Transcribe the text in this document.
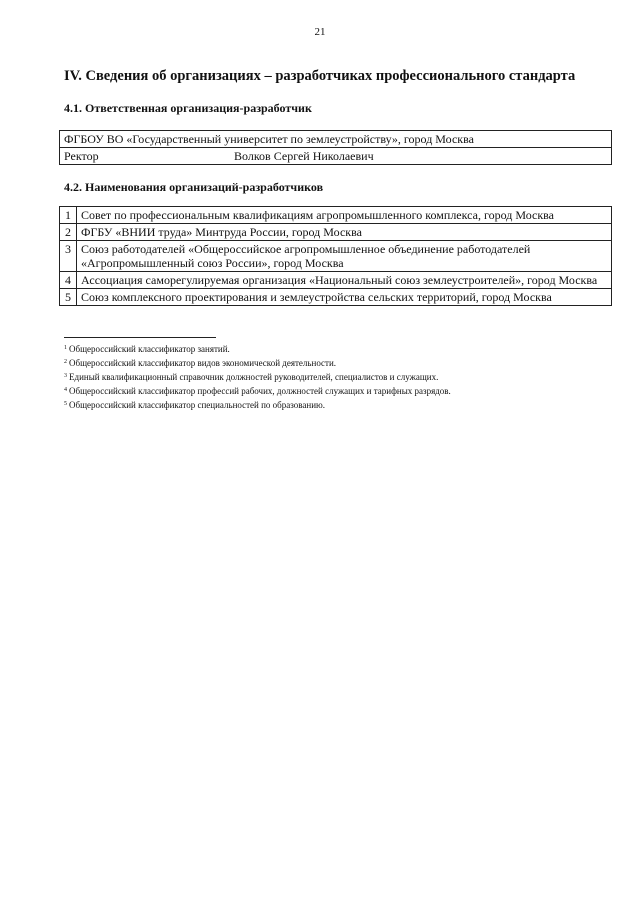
21
IV. Сведения об организациях – разработчиках профессионального стандарта
4.1. Ответственная организация-разработчик
ФГБОУ ВО «Государственный университет по землеустройству», город Москва
Ректор	Волков Сергей Николаевич
4.2. Наименования организаций-разработчиков
1	Совет по профессиональным квалификациям агропромышленного комплекса, город Москва
2	ФГБУ «ВНИИ труда» Минтруда России, город Москва
3	Союз работодателей «Общероссийское агропромышленное объединение работодателей «Агропромышленный союз России», город Москва
4	Ассоциация саморегулируемая организация «Национальный союз землеустроителей», город Москва
5	Союз комплексного проектирования и землеустройства сельских территорий, город Москва
$^1$ Общероссийский классификатор занятий.
$^2$ Общероссийский классификатор видов экономической деятельности.
$^3$ Единый квалификационный справочник должностей руководителей, специалистов и служащих.
$^4$ Общероссийский классификатор профессий рабочих, должностей служащих и тарифных разрядов.
$^5$ Общероссийский классификатор специальностей по образованию.
